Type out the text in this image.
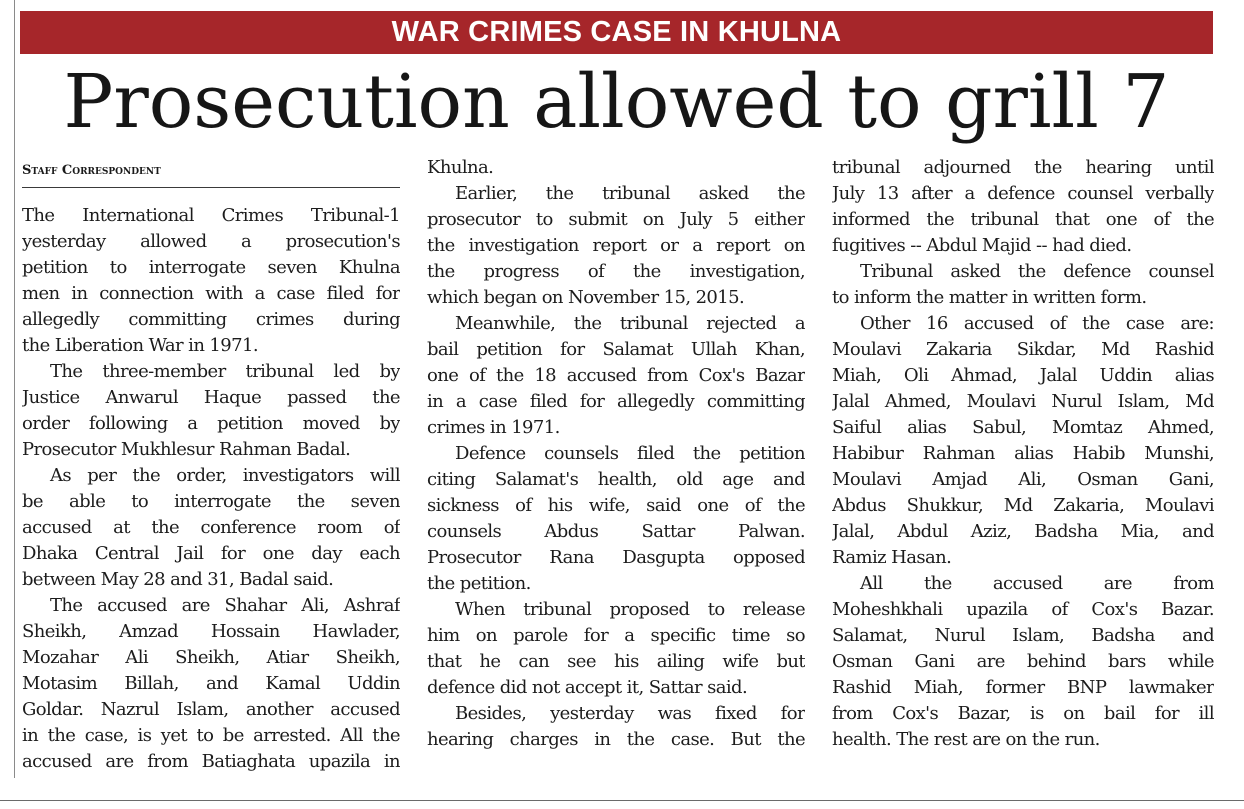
WAR CRIMES CASE IN KHULNA
Prosecution allowed to grill 7
Staff Correspondent

The International Crimes Tribunal-1
yesterday allowed a prosecution's
petition to interrogate seven Khulna
men in connection with a case filed for
allegedly committing crimes during
the Liberation War in 1971.

The three-member tribunal led by
Justice Anwarul Haque passed the
order following a petition moved by
Prosecutor Mukhlesur Rahman Badal.

As per the order, investigators will
be able to interrogate the seven
accused at the conference room of
Dhaka Central Jail for one day each
between May 28 and 31, Badal said.

The accused are Shahar Ali, Ashraf
Sheikh, Amzad Hossain Hawlader,
Mozahar Ali Sheikh, Atiar Sheikh,
Motasim Billah, and Kamal Uddin
Goldar. Nazrul Islam, another accused
in the case, is yet to be arrested. All the
accused are from Batiaghata upazila in

Khulna.

Earlier, the tribunal asked the
prosecutor to submit on July 5 either
the investigation report or a report on
the progress of the investigation,
which began on November 15, 2015.

Meanwhile, the tribunal rejected a
bail petition for Salamat Ullah Khan,
one of the 18 accused from Cox's Bazar
in a case filed for allegedly committing
crimes in 1971.

Defence counsels filed the petition
citing Salamat's health, old age and
sickness of his wife, said one of the
counsels Abdus Sattar Palwan.
Prosecutor Rana Dasgupta opposed
the petition.

When tribunal proposed to release
him on parole for a specific time so
that he can see his ailing wife but
defence did not accept it, Sattar said.

Besides, yesterday was fixed for
hearing charges in the case. But the

tribunal adjourned the hearing until
July 13 after a defence counsel verbally
informed the tribunal that one of the
fugitives -- Abdul Majid -- had died.

Tribunal asked the defence counsel
to inform the matter in written form.

Other 16 accused of the case are:
Moulavi Zakaria Sikdar, Md Rashid
Miah, Oli Ahmad, Jalal Uddin alias
Jalal Ahmed, Moulavi Nurul Islam, Md
Saiful alias Sabul, Momtaz Ahmed,
Habibur Rahman alias Habib Munshi,
Moulavi Amjad Ali, Osman Gani,
Abdus Shukkur, Md Zakaria, Moulavi
Jalal, Abdul Aziz, Badsha Mia, and
Ramiz Hasan.

All the accused are from
Moheshkhali upazila of Cox's Bazar.
Salamat, Nurul Islam, Badsha and
Osman Gani are behind bars while
Rashid Miah, former BNP lawmaker
from Cox's Bazar, is on bail for ill
health. The rest are on the run.
